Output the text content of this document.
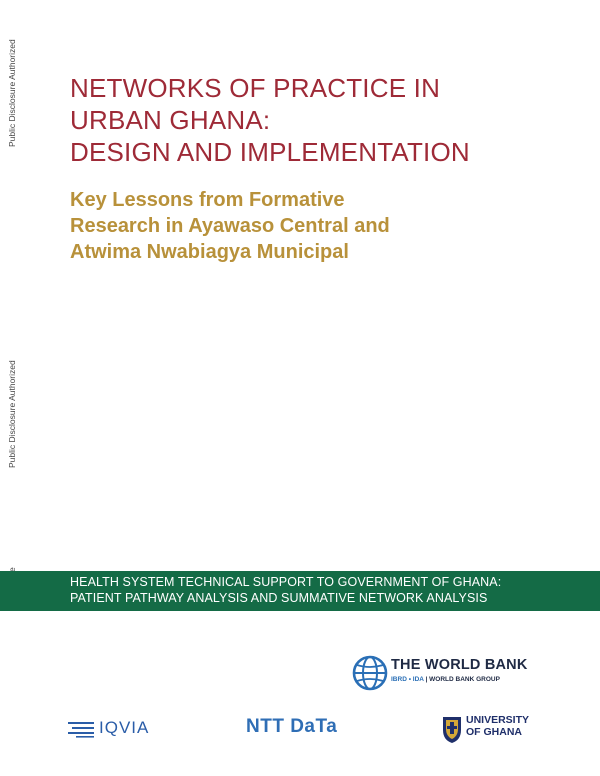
Public Disclosure Authorized
Public Disclosure Authorized
NETWORKS OF PRACTICE IN
URBAN GHANA:
DESIGN AND IMPLEMENTATION
Key Lessons from Formative
Research in Ayawaso Central and
Atwima Nwabiagya Municipal
HEALTH SYSTEM TECHNICAL SUPPORT TO GOVERNMENT OF GHANA:
PATIENT PATHWAY ANALYSIS AND SUMMATIVE NETWORK ANALYSIS
THE WORLD BANK
IBRD • IDA | WORLD BANK GROUP
IQVIA	NTT DaTa	UNIVERSITY
OF GHANA
